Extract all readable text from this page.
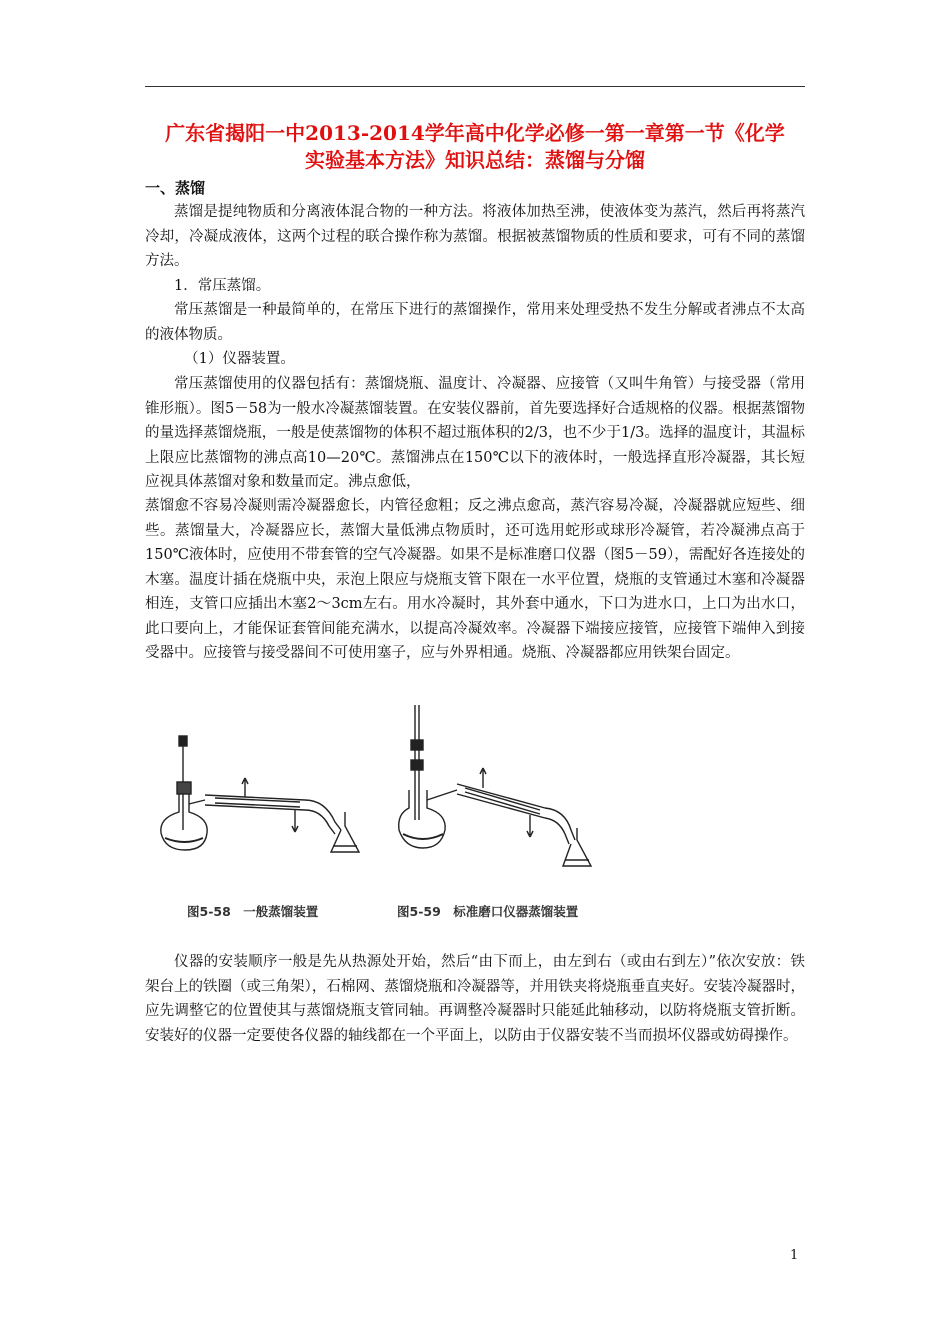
广东省揭阳一中2013-2014学年高中化学必修一第一章第一节《化学
实验基本方法》知识总结：蒸馏与分馏
一、蒸馏
蒸馏是提纯物质和分离液体混合物的一种方法。将液体加热至沸，使液体变为蒸汽，然后再将蒸汽冷却，冷凝成液体，这两个过程的联合操作称为蒸馏。根据被蒸馏物质的性质和要求，可有不同的蒸馏方法。
1．常压蒸馏。
常压蒸馏是一种最简单的，在常压下进行的蒸馏操作，常用来处理受热不发生分解或者沸点不太高的液体物质。
（1）仪器装置。
常压蒸馏使用的仪器包括有：蒸馏烧瓶、温度计、冷凝器、应接管（又叫牛角管）与接受器（常用锥形瓶）。图5－58为一般水冷凝蒸馏装置。在安装仪器前，首先要选择好合适规格的仪器。根据蒸馏物的量选择蒸馏烧瓶，一般是使蒸馏物的体积不超过瓶体积的2/3，也不少于1/3。选择的温度计，其温标上限应比蒸馏物的沸点高10—20℃。蒸馏沸点在150℃以下的液体时，一般选择直形冷凝器，其长短应视具体蒸馏对象和数量而定。沸点愈低，
蒸馏愈不容易冷凝则需冷凝器愈长，内管径愈粗；反之沸点愈高，蒸汽容易冷凝，冷凝器就应短些、细些。蒸馏量大，冷凝器应长，蒸馏大量低沸点物质时，还可选用蛇形或球形冷凝管，若冷凝沸点高于150℃液体时，应使用不带套管的空气冷凝器。如果不是标准磨口仪器（图5－59），需配好各连接处的木塞。温度计插在烧瓶中央，汞泡上限应与烧瓶支管下限在一水平位置，烧瓶的支管通过木塞和冷凝器相连，支管口应插出木塞2～3cm左右。用水冷凝时，其外套中通水，下口为进水口，上口为出水口，此口要向上，才能保证套管间能充满水，以提高冷凝效率。冷凝器下端接应接管，应接管下端伸入到接受器中。应接管与接受器间不可使用塞子，应与外界相通。烧瓶、冷凝器都应用铁架台固定。
图5-58　一般蒸馏装置	图5-59　标准磨口仪器蒸馏装置
仪器的安装顺序一般是先从热源处开始，然后“由下而上，由左到右（或由右到左）”依次安放：铁架台上的铁圈（或三角架），石棉网、蒸馏烧瓶和冷凝器等，并用铁夹将烧瓶垂直夹好。安装冷凝器时，应先调整它的位置使其与蒸馏烧瓶支管同轴。再调整冷凝器时只能延此轴移动，以防将烧瓶支管折断。安装好的仪器一定要使各仪器的轴线都在一个平面上，以防由于仪器安装不当而损坏仪器或妨碍操作。
1
